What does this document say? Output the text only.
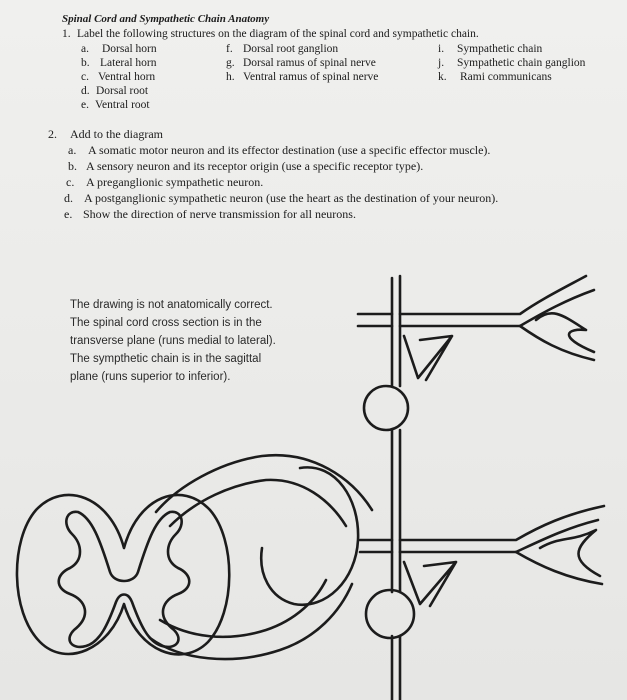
Spinal Cord and Sympathetic Chain Anatomy
1. Label the following structures on the diagram of the spinal cord and sympathetic chain.
a. Dorsal horn
b. Lateral horn
c. Ventral horn
d. Dorsal root
e. Ventral root
f. Dorsal root ganglion
g. Dorsal ramus of spinal nerve
h. Ventral ramus of spinal nerve
i. Sympathetic chain
j. Sympathetic chain ganglion
k. Rami communicans
2. Add to the diagram
a. A somatic motor neuron and its effector destination (use a specific effector muscle).
b. A sensory neuron and its receptor origin (use a specific receptor type).
c. A preganglionic sympathetic neuron.
d. A postganglionic sympathetic neuron (use the heart as the destination of your neuron).
e. Show the direction of nerve transmission for all neurons.
The drawing is not anatomically correct.
The spinal cord cross section is in the
transverse plane (runs medial to lateral).
The sympthetic chain is in the sagittal
plane (runs superior to inferior).
